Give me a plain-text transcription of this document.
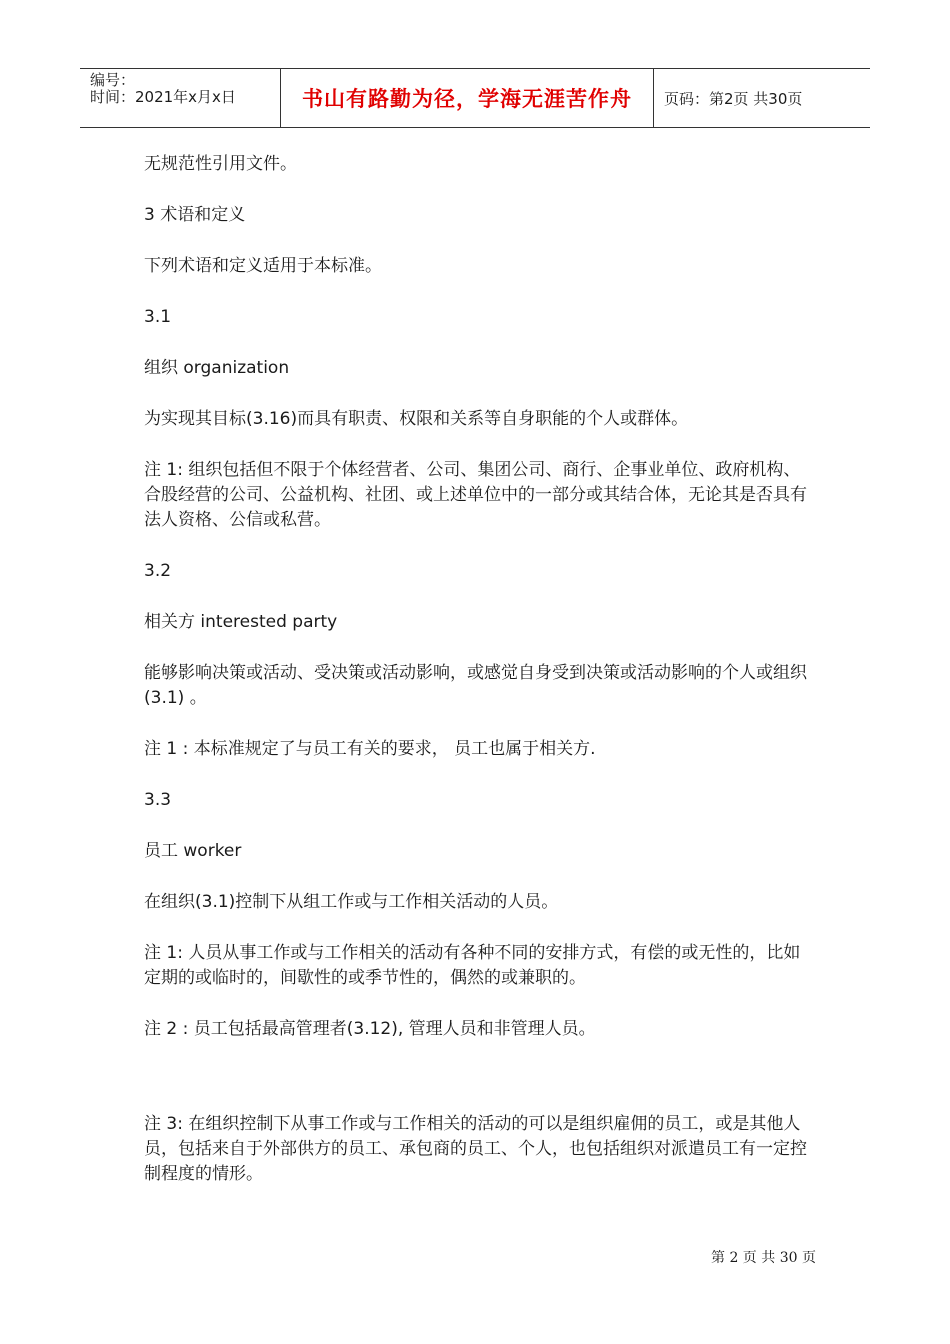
编号：
时间：2021年x月x日	书山有路勤为径，学海无涯苦作舟	页码：第2页 共30页

无规范性引用文件。

3 术语和定义

下列术语和定义适用于本标准。

3.1

组织 organization

为实现其目标(3.16)而具有职责、权限和关系等自身职能的个人或群体。

注 1: 组织包括但不限于个体经营者、公司、集团公司、商行、企事业单位、政府机构、合股经营的公司、公益机构、社团、或上述单位中的一部分或其结合体，无论其是否具有法人资格、公信或私营。

3.2

相关方 interested party

能够影响决策或活动、受决策或活动影响，或感觉自身受到决策或活动影响的个人或组织(3.1) 。

注 1 : 本标准规定了与员工有关的要求， 员工也属于相关方.

3.3

员工 worker

在组织(3.1)控制下从组工作或与工作相关活动的人员。

注 1: 人员从事工作或与工作相关的活动有各种不同的安排方式，有偿的或无性的，比如定期的或临时的，间歇性的或季节性的，偶然的或兼职的。

注 2 : 员工包括最高管理者(3.12), 管理人员和非管理人员。

注 3: 在组织控制下从事工作或与工作相关的活动的可以是组织雇佣的员工，或是其他人员，包括来自于外部供方的员工、承包商的员工、个人，也包括组织对派遣员工有一定控制程度的情形。

第 2 页 共 30 页
